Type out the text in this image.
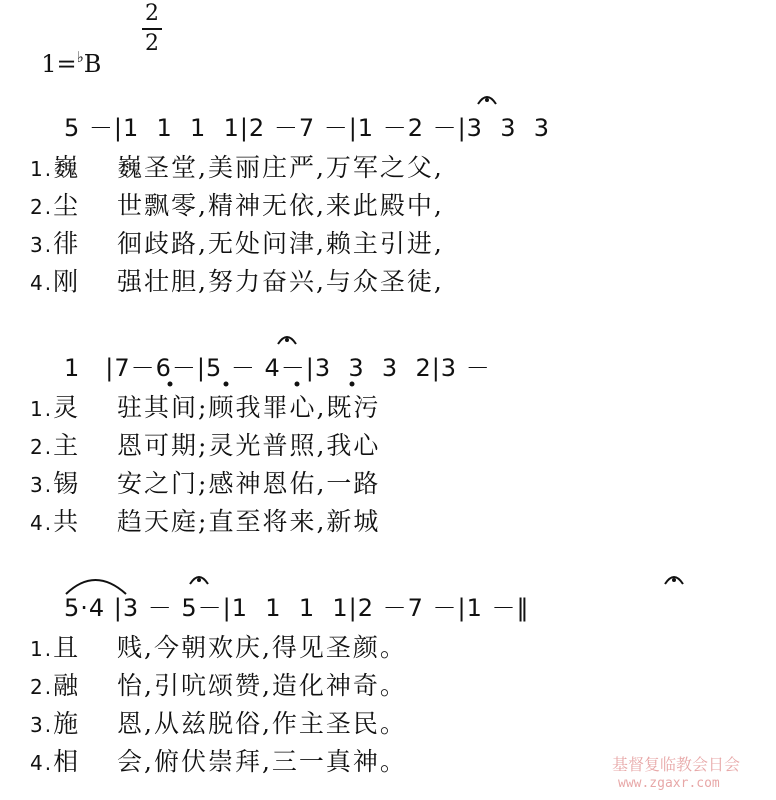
1=♭B

2
2
5 －|1  1  1  1|2 －7 －|1 －2 －|3  3  3
1.巍　 巍圣堂,美丽庄严,万军之父,
2.尘　 世飘零,精神无依,来此殿中,
3.徘　 徊歧路,无处问津,赖主引进,
4.刚　 强壮胆,努力奋兴,与众圣徒,
1　|7－6－|5 － 4－|3  3  3  2|3 －
1.灵　 驻其间;顾我罪心,既污
2.主　 恩可期;灵光普照,我心
3.锡　 安之门;感神恩佑,一路
4.共　 趋天庭;直至将来,新城
5·4 |3 － 5－|1  1  1  1|2 －7 －|1 －‖
1.且　 贱,今朝欢庆,得见圣颜。
2.融　 怡,引吭颂赞,造化神奇。
3.施　 恩,从兹脱俗,作主圣民。
4.相　 会,俯伏崇拜,三一真神。	基督复临教会日会
www.zgaxr.com
